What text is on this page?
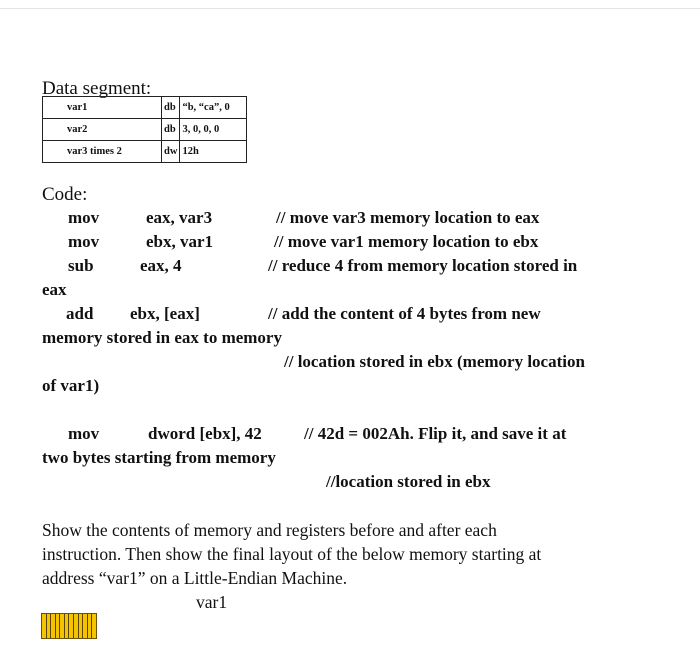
Data segment:
var1	db	“b, “ca”, 0
var2	db	3, 0, 0, 0
var3 times 2	dw	12h
Code:
mov	eax, var3	// move var3 memory location to eax
mov	ebx, var1	// move var1 memory location to ebx
sub	eax, 4	// reduce 4 from memory location stored in
eax
add ebx, [eax]	// add the content of 4 bytes from new
memory stored in eax to memory
// location stored in ebx (memory location
of var1)
mov	dword [ebx], 42 // 42d = 002Ah. Flip it, and save it at
two bytes starting from memory
//location stored in ebx
Show the contents of memory and registers before and after each
instruction. Then show the final layout of the below memory starting at
address “var1” on a Little-Endian Machine.
var1
